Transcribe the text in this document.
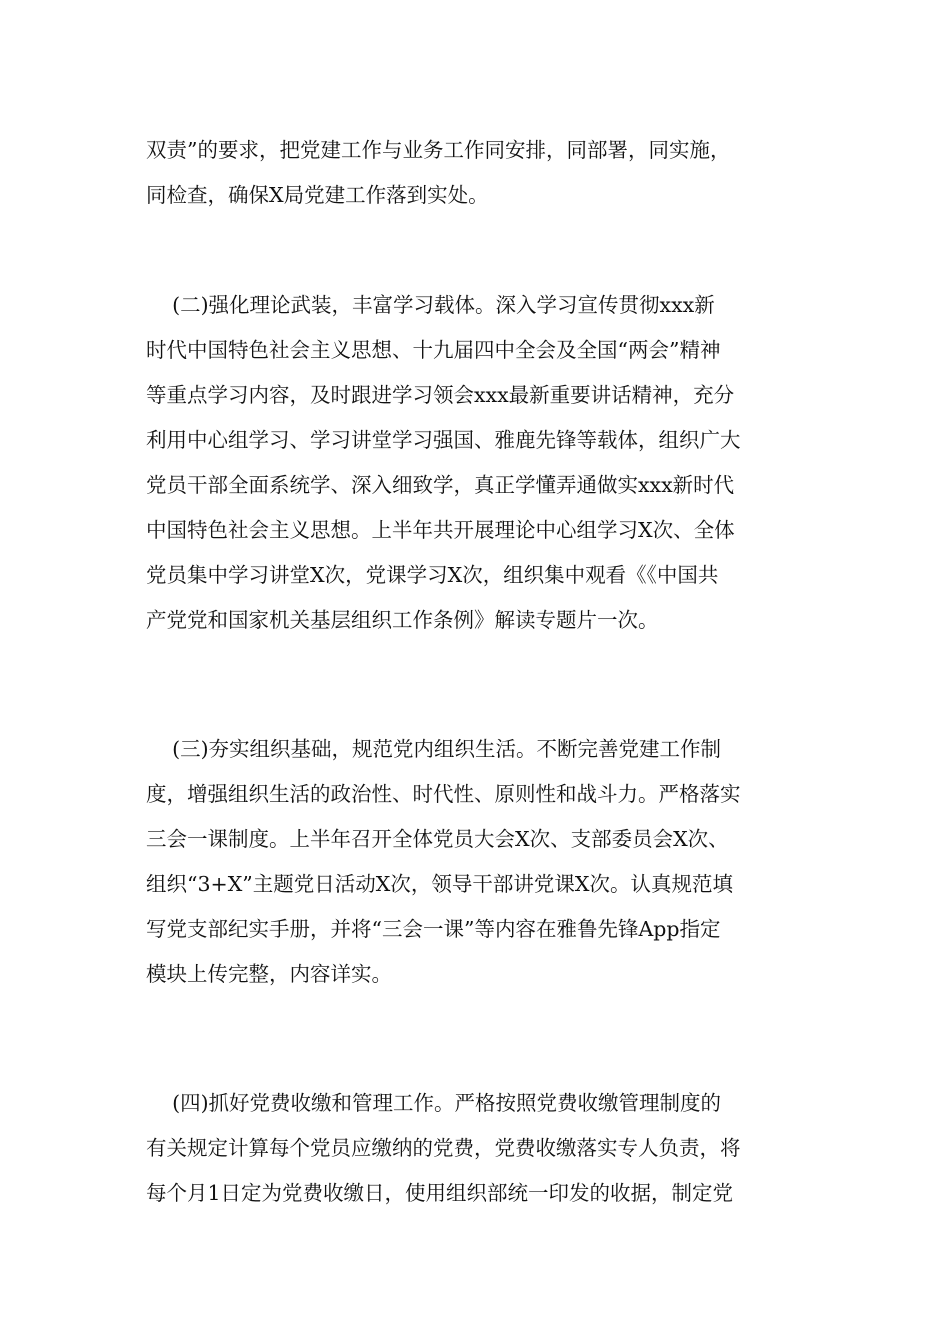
双责”的要求，把党建工作与业务工作同安排，同部署，同实施，
同检查，确保X局党建工作落到实处。
(二)强化理论武装，丰富学习载体。深入学习宣传贯彻xxx新
时代中国特色社会主义思想、十九届四中全会及全国“两会”精神
等重点学习内容，及时跟进学习领会xxx最新重要讲话精神，充分
利用中心组学习、学习讲堂学习强国、雅鹿先锋等载体，组织广大
党员干部全面系统学、深入细致学，真正学懂弄通做实xxx新时代
中国特色社会主义思想。上半年共开展理论中心组学习X次、全体
党员集中学习讲堂X次，党课学习X次，组织集中观看《《中国共
产党党和国家机关基层组织工作条例》解读专题片一次。
(三)夯实组织基础，规范党内组织生活。不断完善党建工作制
度，增强组织生活的政治性、时代性、原则性和战斗力。严格落实
三会一课制度。上半年召开全体党员大会X次、支部委员会X次、
组织“3+X”主题党日活动X次，领导干部讲党课X次。认真规范填
写党支部纪实手册，并将“三会一课”等内容在雅鲁先锋App指定
模块上传完整，内容详实。
(四)抓好党费收缴和管理工作。严格按照党费收缴管理制度的
有关规定计算每个党员应缴纳的党费，党费收缴落实专人负责，将
每个月1日定为党费收缴日，使用组织部统一印发的收据，制定党
